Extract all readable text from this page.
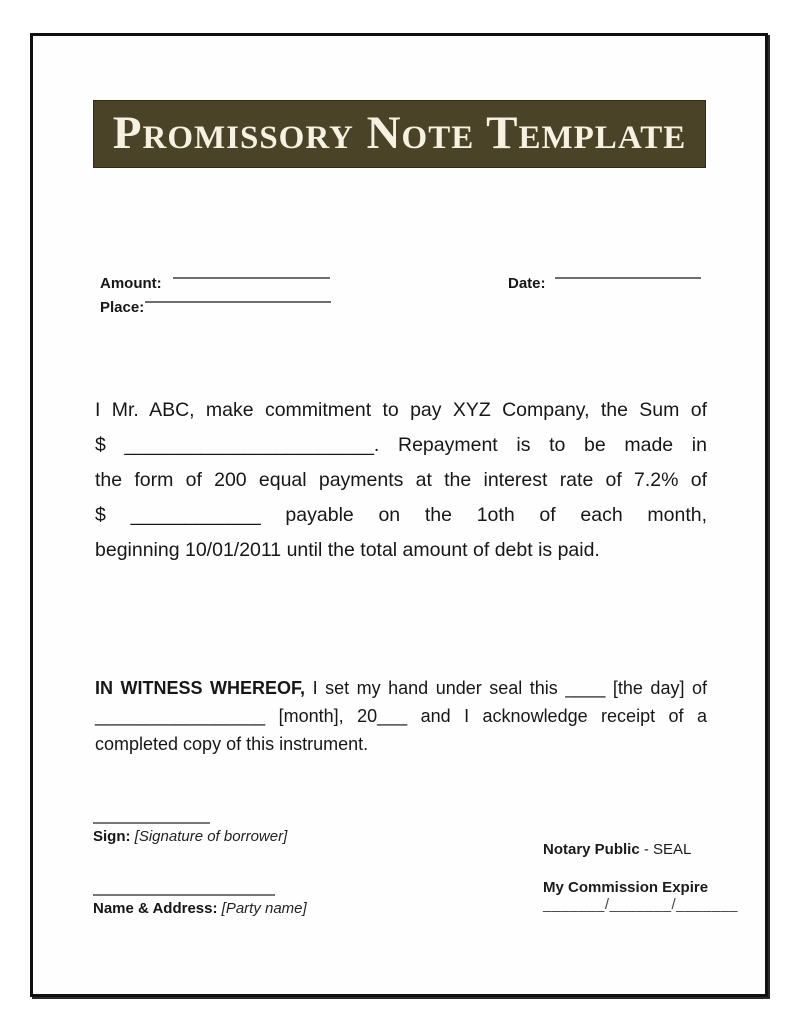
Promissory Note Template
Amount:	Date:
Place:
I Mr. ABC, make commitment to pay XYZ Company, the Sum of
$ _______________________. Repayment is to be made in
the form of 200 equal payments at the interest rate of 7.2% of
$ ____________ payable on the 1oth of each month,
beginning 10/01/2011 until the total amount of debt is paid.
IN WITNESS WHEREOF, I set my hand under seal this ____ [the day] of
_________________ [month], 20___ and I acknowledge receipt of a
completed copy of this instrument.
Sign: [Signature of borrower]
Name & Address: [Party name]
Notary Public - SEAL
My Commission Expire
_______/_______/_______
